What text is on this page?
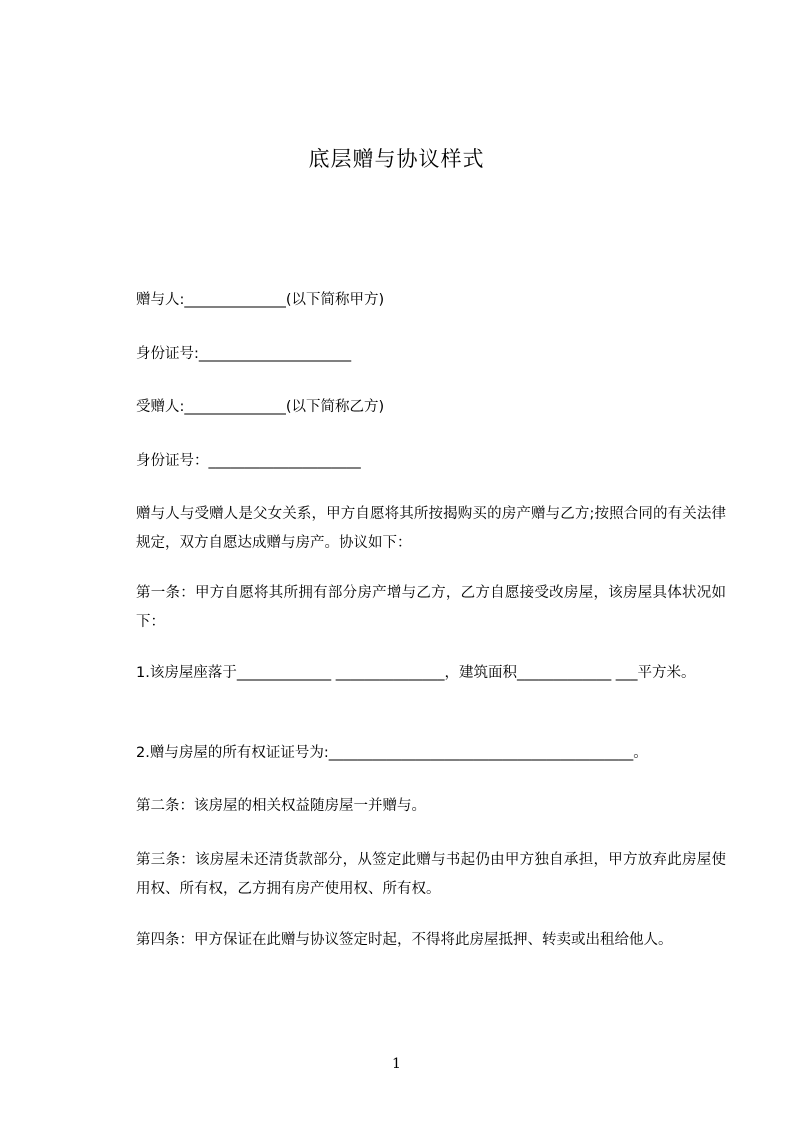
底层赠与协议样式
赠与人:______________(以下简称甲方)
身份证号:_____________________
受赠人:______________(以下简称乙方)
身份证号：_____________________
赠与人与受赠人是父女关系，甲方自愿将其所按揭购买的房产赠与乙方;按照合同的有关法律规定，双方自愿达成赠与房产。协议如下：
第一条：甲方自愿将其所拥有部分房产增与乙方，乙方自愿接受改房屋，该房屋具体状况如下：
1.该房屋座落于_____________ _______________，建筑面积_____________ ___平方米。
2.赠与房屋的所有权证证号为:__________________________________________。
第二条：该房屋的相关权益随房屋一并赠与。
第三条：该房屋未还清货款部分，从签定此赠与书起仍由甲方独自承担，甲方放弃此房屋使用权、所有权，乙方拥有房产使用权、所有权。
第四条：甲方保证在此赠与协议签定时起，不得将此房屋抵押、转卖或出租给他人。
1
